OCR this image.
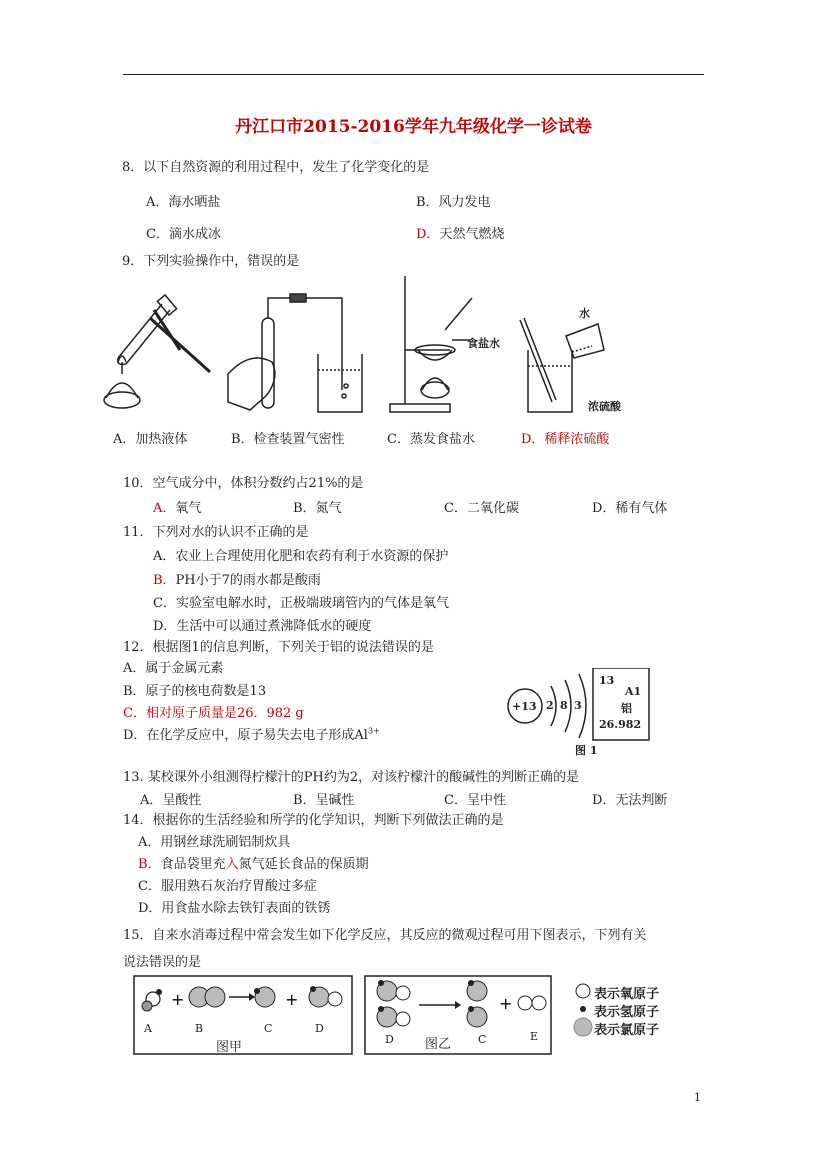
丹江口市2015-2016学年九年级化学一诊试卷
8．以下自然资源的利用过程中，发生了化学变化的是
A．海水晒盐	B．风力发电
C．滴水成冰	D．天然气燃烧
9．下列实验操作中，错误的是
食盐水
水
浓硫酸
A．加热液体	B．检查装置气密性	C．蒸发食盐水	D．稀释浓硫酸
10．空气成分中，体积分数约占21%的是
A．氧气	B．氮气	C．二氧化碳	D．稀有气体
11．下列对水的认识不正确的是
A．农业上合理使用化肥和农药有利于水资源的保护
B．PH小于7的雨水都是酸雨
C．实验室电解水时，正极端玻璃管内的气体是氧气
D．生活中可以通过煮沸降低水的硬度
12．根据图1的信息判断，下列关于铝的说法错误的是
A．属于金属元素
B．原子的核电荷数是13
C．相对原子质量是26．982 g
D．在化学反应中，原子易失去电子形成$Al^{3+}$
+13 2 8 3
13
A1
铝
26.982
图 1
13. 某校课外小组测得柠檬汁的PH约为2，对该柠檬汁的酸碱性的判断正确的是
A．呈酸性	B．呈碱性	C．呈中性	D．无法判断
14．根据你的生活经验和所学的化学知识，判断下列做法正确的是
A．用钢丝球洗刷铝制炊具
B．食品袋里充入氮气延长食品的保质期
C．服用熟石灰治疗胃酸过多症
D．用食盐水除去铁钉表面的铁锈
15．自来水消毒过程中常会发生如下化学反应，其反应的微观过程可用下图表示，下列有关
说法错误的是
+	+	+
A	B	C	D
图甲
D	C	E
图乙
表示氧原子
表示氢原子
表示氯原子
1
